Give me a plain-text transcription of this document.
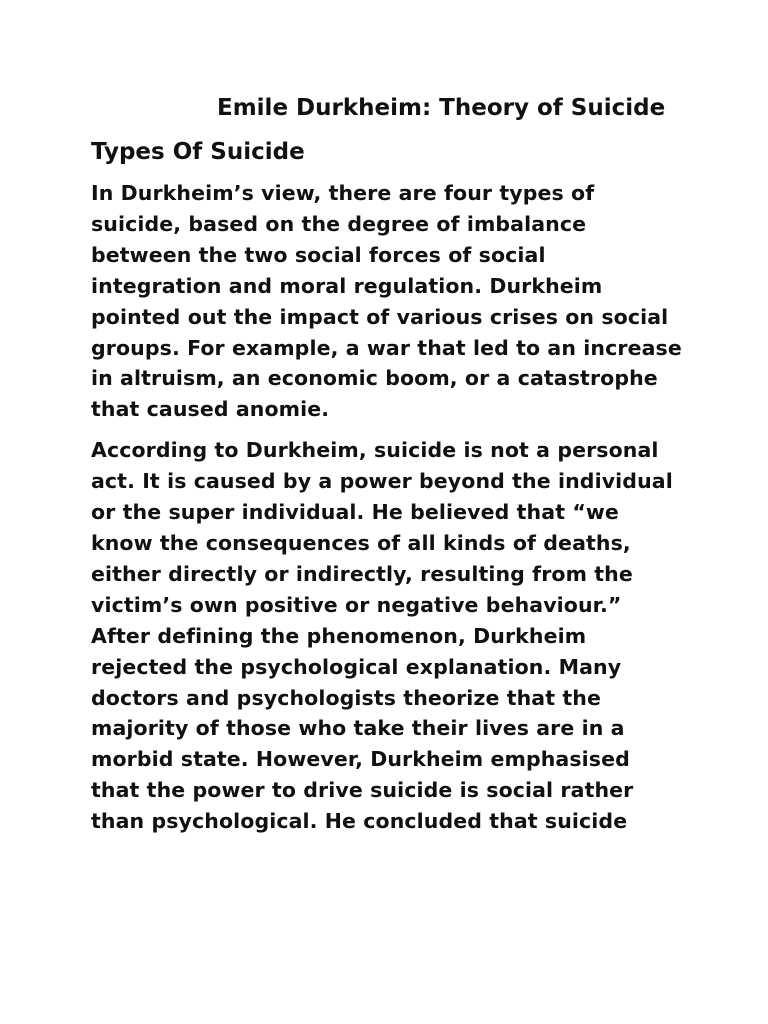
Emile Durkheim: Theory of Suicide
Types Of Suicide

In Durkheim’s view, there are four types of suicide, based on the degree of imbalance between the two social forces of social integration and moral regulation. Durkheim pointed out the impact of various crises on social groups. For example, a war that led to an increase in altruism, an economic boom, or a catastrophe that caused anomie.

According to Durkheim, suicide is not a personal act. It is caused by a power beyond the individual or the super individual. He believed that “we know the consequences of all kinds of deaths, either directly or indirectly, resulting from the victim’s own positive or negative behaviour.” After defining the phenomenon, Durkheim rejected the psychological explanation. Many doctors and psychologists theorize that the majority of those who take their lives are in a morbid state. However, Durkheim emphasised that the power to drive suicide is social rather than psychological. He concluded that suicide
